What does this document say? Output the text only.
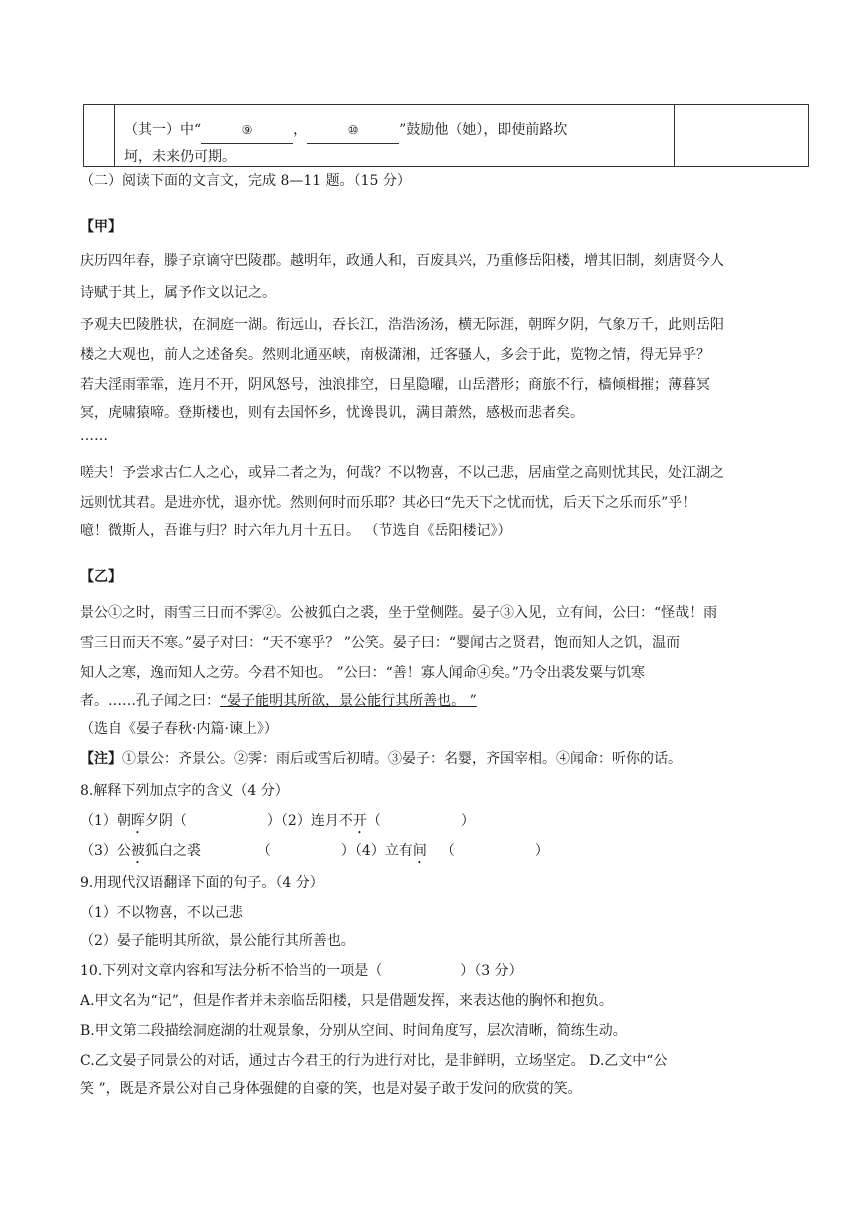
（其一）中“	⑨	，	⑩	”鼓励他（她），即使前路坎
坷，未来仍可期。
（二）阅读下面的文言文，完成 8—11 题。（15 分）
【甲】
庆历四年春，滕子京谪守巴陵郡。越明年，政通人和，百废具兴，乃重修岳阳楼，增其旧制，刻唐贤今人
诗赋于其上，属予作文以记之。
予观夫巴陵胜状，在洞庭一湖。衔远山，吞长江，浩浩汤汤，横无际涯，朝晖夕阴，气象万千，此则岳阳
楼之大观也，前人之述备矣。然则北通巫峡，南极潇湘，迁客骚人，多会于此，览物之情，得无异乎？
若夫淫雨霏霏，连月不开，阴风怒号，浊浪排空，日星隐曜，山岳潜形；商旅不行，樯倾楫摧；薄暮冥
冥，虎啸猿啼。登斯楼也，则有去国怀乡，忧谗畏讥，满目萧然，感极而悲者矣。
……
嗟夫！予尝求古仁人之心，或异二者之为，何哉？不以物喜，不以己悲，居庙堂之高则忧其民，处江湖之
远则忧其君。是进亦忧，退亦忧。然则何时而乐耶？其必曰“先天下之忧而忧，后天下之乐而乐”乎！
噫！微斯人，吾谁与归？时六年九月十五日。 （节选自《岳阳楼记》）
【乙】
景公①之时，雨雪三日而不霁②。公被狐白之裘，坐于堂侧陛。晏子③入见，立有间，公曰：“怪哉！雨
雪三日而天不寒。”晏子对曰：“天不寒乎？ ”公笑。晏子曰：“婴闻古之贤君，饱而知人之饥，温而
知人之寒，逸而知人之劳。今君不知也。 ”公曰：“善！寡人闻命④矣。”乃令出裘发粟与饥寒
者。……孔子闻之曰：“晏子能明其所欲，景公能行其所善也。 ”
（选自《晏子春秋·内篇·谏上》）
【注】①景公：齐景公。②霁：雨后或雪后初晴。③晏子：名婴，齐国宰相。④闻命：听你的话。
8.解释下列加点字的含义（4 分）
（1）朝晖夕阴（	）（2）连月不开（	）
（3）公被狐白之裘	（	）（4）立有间 （	）
9.用现代汉语翻译下面的句子。（4 分）
（1）不以物喜，不以己悲
（2）晏子能明其所欲，景公能行其所善也。
10.下列对文章内容和写法分析不恰当的一项是（	）（3 分）
A.甲文名为“记”，但是作者并未亲临岳阳楼，只是借题发挥，来表达他的胸怀和抱负。
B.甲文第二段描绘洞庭湖的壮观景象，分别从空间、时间角度写，层次清晰，简练生动。
C.乙文晏子同景公的对话，通过古今君王的行为进行对比，是非鲜明，立场坚定。 D.乙文中“公
笑 ”，既是齐景公对自己身体强健的自豪的笑，也是对晏子敢于发问的欣赏的笑。
